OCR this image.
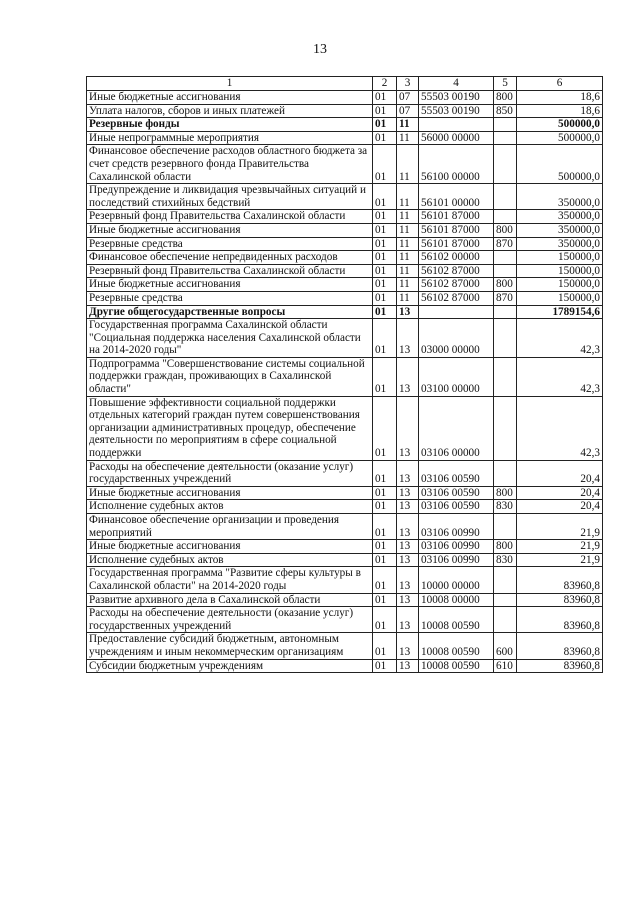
13
1	2	3	4	5	6
Иные бюджетные ассигнования	01	07	55503 00190	800	18,6
Уплата налогов, сборов и иных платежей	01	07	55503 00190	850	18,6
Резервные фонды	01	11			500000,0
Иные непрограммные мероприятия	01	11	56000 00000		500000,0
Финансовое обеспечение расходов областного бюджета за счет средств резервного фонда Правительства Сахалинской области	01	11	56100 00000		500000,0
Предупреждение и ликвидация чрезвычайных ситуаций и последствий стихийных бедствий	01	11	56101 00000		350000,0
Резервный фонд Правительства Сахалинской области	01	11	56101 87000		350000,0
Иные бюджетные ассигнования	01	11	56101 87000	800	350000,0
Резервные средства	01	11	56101 87000	870	350000,0
Финансовое обеспечение непредвиденных расходов	01	11	56102 00000		150000,0
Резервный фонд Правительства Сахалинской области	01	11	56102 87000		150000,0
Иные бюджетные ассигнования	01	11	56102 87000	800	150000,0
Резервные средства	01	11	56102 87000	870	150000,0
Другие общегосударственные вопросы	01	13			1789154,6
Государственная программа Сахалинской области "Социальная поддержка населения Сахалинской области на 2014-2020 годы"	01	13	03000 00000		42,3
Подпрограмма "Совершенствование системы социальной поддержки граждан, проживающих в Сахалинской области"	01	13	03100 00000		42,3
Повышение эффективности социальной поддержки отдельных категорий граждан путем совершенствования организации административных процедур, обеспечение деятельности по мероприятиям в сфере социальной поддержки	01	13	03106 00000		42,3
Расходы на обеспечение деятельности (оказание услуг) государственных учреждений	01	13	03106 00590		20,4
Иные бюджетные ассигнования	01	13	03106 00590	800	20,4
Исполнение судебных актов	01	13	03106 00590	830	20,4
Финансовое обеспечение организации и проведения мероприятий	01	13	03106 00990		21,9
Иные бюджетные ассигнования	01	13	03106 00990	800	21,9
Исполнение судебных актов	01	13	03106 00990	830	21,9
Государственная программа "Развитие сферы культуры в Сахалинской области" на 2014-2020 годы	01	13	10000 00000		83960,8
Развитие архивного дела в Сахалинской области	01	13	10008 00000		83960,8
Расходы на обеспечение деятельности (оказание услуг) государственных учреждений	01	13	10008 00590		83960,8
Предоставление субсидий бюджетным, автономным учреждениям и иным некоммерческим организациям	01	13	10008 00590	600	83960,8
Субсидии бюджетным учреждениям	01	13	10008 00590	610	83960,8
